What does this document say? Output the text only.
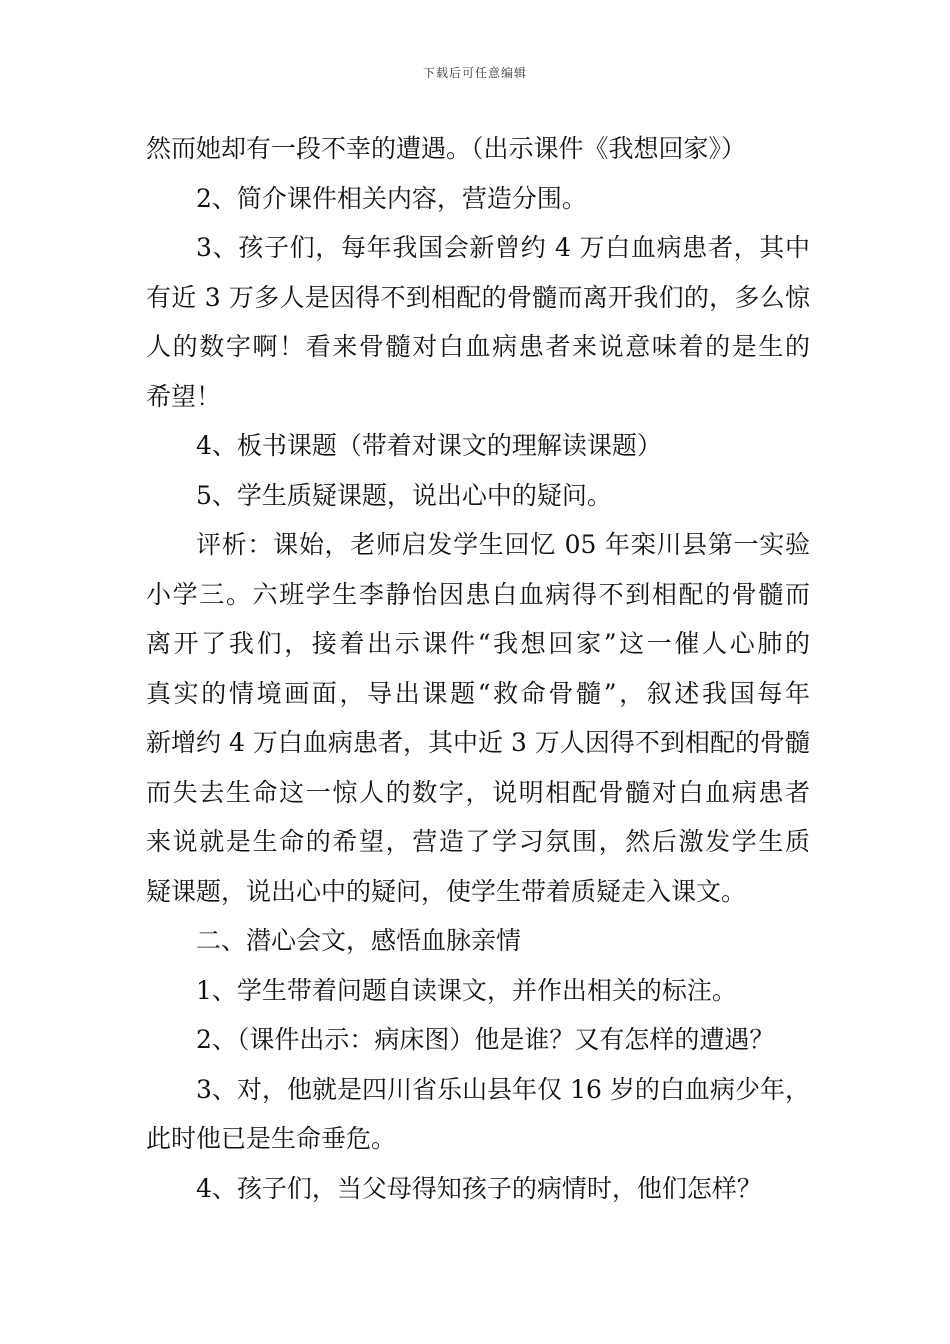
下载后可任意编辑
然而她却有一段不幸的遭遇。（出示课件《我想回家》）
2、简介课件相关内容，营造分围。
3、孩子们，每年我国会新曾约 4 万白血病患者，其中
有近 3 万多人是因得不到相配的骨髓而离开我们的，多么惊
人的数字啊！看来骨髓对白血病患者来说意味着的是生的
希望！
4、板书课题（带着对课文的理解读课题）
5、学生质疑课题，说出心中的疑问。
评析：课始，老师启发学生回忆 05 年栾川县第一实验
小学三。六班学生李静怡因患白血病得不到相配的骨髓而
离开了我们，接着出示课件“我想回家”这一催人心肺的
真实的情境画面，导出课题“救命骨髓”，叙述我国每年
新增约 4 万白血病患者，其中近 3 万人因得不到相配的骨髓
而失去生命这一惊人的数字，说明相配骨髓对白血病患者
来说就是生命的希望，营造了学习氛围，然后激发学生质
疑课题，说出心中的疑问，使学生带着质疑走入课文。
二、潜心会文，感悟血脉亲情
1、学生带着问题自读课文，并作出相关的标注。
2、（课件出示：病床图）他是谁？又有怎样的遭遇？
3、对，他就是四川省乐山县年仅 16 岁的白血病少年，
此时他已是生命垂危。
4、孩子们，当父母得知孩子的病情时，他们怎样？
